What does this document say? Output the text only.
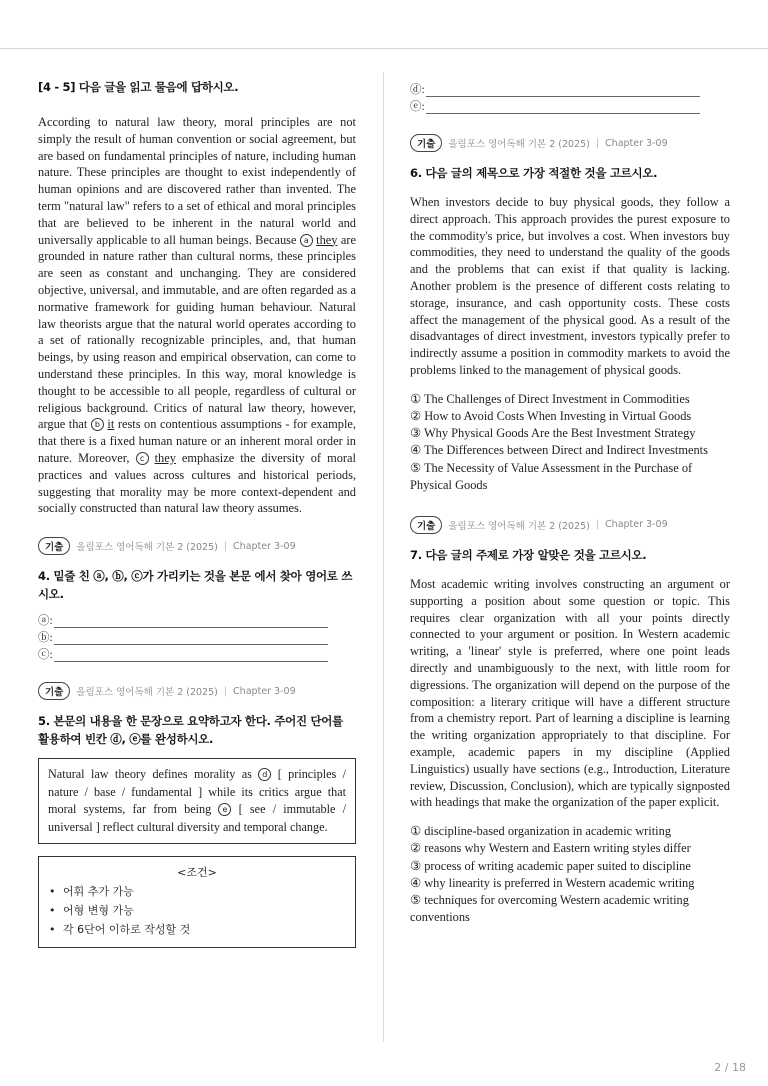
[4 - 5] 다음 글을 읽고 물음에 답하시오.

According to natural law theory, moral principles are not simply the result of human convention or social agreement, but are based on fundamental principles of nature, including human nature. These principles are thought to exist independently of human opinions and are discovered rather than invented. The term "natural law" refers to a set of ethical and moral principles that are believed to be inherent in the natural world and universally applicable to all human beings. Because a they are grounded in nature rather than cultural norms, these principles are seen as constant and unchanging. They are considered objective, universal, and immutable, and are often regarded as a normative framework for guiding human behaviour. Natural law theorists argue that the natural world operates according to a set of rationally recognizable principles, and, that human beings, by using reason and empirical observation, can come to understand these principles. In this way, moral knowledge is thought to be accessible to all people, regardless of cultural or religious background. Critics of natural law theory, however, argue that b it rests on contentious assumptions - for example, that there is a fixed human nature or an inherent moral order in nature. Moreover, c they emphasize the diversity of moral practices and values across cultures and historical periods, suggesting that morality may be more context-dependent and socially constructed than natural law theory assumes.

기출	올림포스 영어독해 기본 2 (2025) | Chapter 3-09
4. 밑줄 친 ⓐ, ⓑ, ⓒ가 가리키는 것을 본문 에서 찾아 영어로 쓰시오.
ⓐ:
ⓑ:
ⓒ:
기출	올림포스 영어독해 기본 2 (2025) | Chapter 3-09
5. 본문의 내용을 한 문장으로 요약하고자 한다. 주어진 단어를 활용하여 빈칸 ⓓ, ⓔ를 완성하시오.
Natural law theory defines morality as d [ principles / nature / base / fundamental ] while its critics argue that moral systems, far from being e [ see / immutable / universal ] reflect cultural diversity and temporal change.
<조건>
• 어휘 추가 가능
• 어형 변형 가능
• 각 6단어 이하로 작성할 것
ⓓ:
ⓔ:
기출	올림포스 영어독해 기본 2 (2025) | Chapter 3-09
6. 다음 글의 제목으로 가장 적절한 것을 고르시오.

When investors decide to buy physical goods, they follow a direct approach. This approach provides the purest exposure to the commodity's price, but involves a cost. When investors buy commodities, they need to understand the quality of the goods and the problems that can exist if that quality is lacking. Another problem is the presence of different costs relating to storage, insurance, and cash opportunity costs. These costs affect the management of the physical good. As a result of the disadvantages of direct investment, investors typically prefer to indirectly assume a position in commodity markets to avoid the problems linked to the management of physical goods.

① The Challenges of Direct Investment in Commodities
② How to Avoid Costs When Investing in Virtual Goods
③ Why Physical Goods Are the Best Investment Strategy
④ The Differences between Direct and Indirect Investments
⑤ The Necessity of Value Assessment in the Purchase of Physical Goods
기출	올림포스 영어독해 기본 2 (2025) | Chapter 3-09
7. 다음 글의 주제로 가장 알맞은 것을 고르시오.

Most academic writing involves constructing an argument or supporting a position about some question or topic. This requires clear organization with all your points directly connected to your argument or position. In Western academic writing, a 'linear' style is preferred, where one point leads directly and unambiguously to the next, with little room for digressions. The organization will depend on the purpose of the composition: a literary critique will have a different structure from a chemistry report. Part of learning a discipline is learning the writing organization appropriately to that discipline. For example, academic papers in my discipline (Applied Linguistics) usually have sections (e.g., Introduction, Literature review, Discussion, Conclusion), which are typically signposted with headings that make the organization of the paper explicit.

① discipline-based organization in academic writing
② reasons why Western and Eastern writing styles differ
③ process of writing academic paper suited to discipline
④ why linearity is preferred in Western academic writing
⑤ techniques for overcoming Western academic writing conventions
2 / 18
